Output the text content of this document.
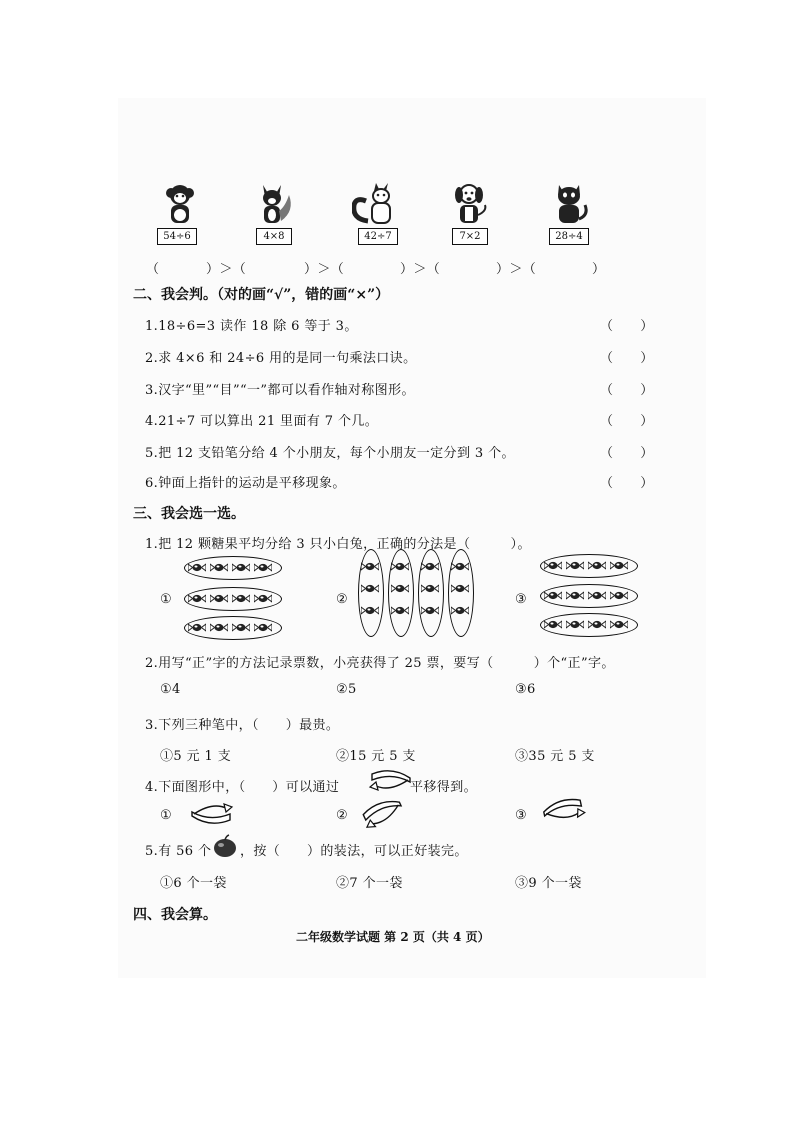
54÷6	4×8	42÷7	7×2	28÷4
（	）＞（	）＞（	）＞（	）＞（	）
二、我会判。（对的画“√”，错的画“×”）
1.18÷6=3 读作 18 除 6 等于 3。	（　　）
2.求 4×6 和 24÷6 用的是同一句乘法口诀。	（　　）
3.汉字“里”“目”“一”都可以看作轴对称图形。	（　　）
4.21÷7 可以算出 21 里面有 7 个几。	（　　）
5.把 12 支铅笔分给 4 个小朋友，每个小朋友一定分到 3 个。	（　　）
6.钟面上指针的运动是平移现象。	（　　）
三、我会选一选。
1.把 12 颗糖果平均分给 3 只小白兔，正确的分法是（　　　）。
①	②	③
2.用写“正”字的方法记录票数，小亮获得了 25 票，要写（　　　）个“正”字。
①4	②5	③6
3.下列三种笔中，（　　）最贵。
①5 元 1 支	②15 元 5 支	③35 元 5 支
4.下面图形中，（　　）可以通过	平移得到。
①	②	③
5.有 56 个 ，按（　　）的装法，可以正好装完。
①6 个一袋	②7 个一袋	③9 个一袋
四、我会算。
二年级数学试题 第 2 页（共 4 页）
